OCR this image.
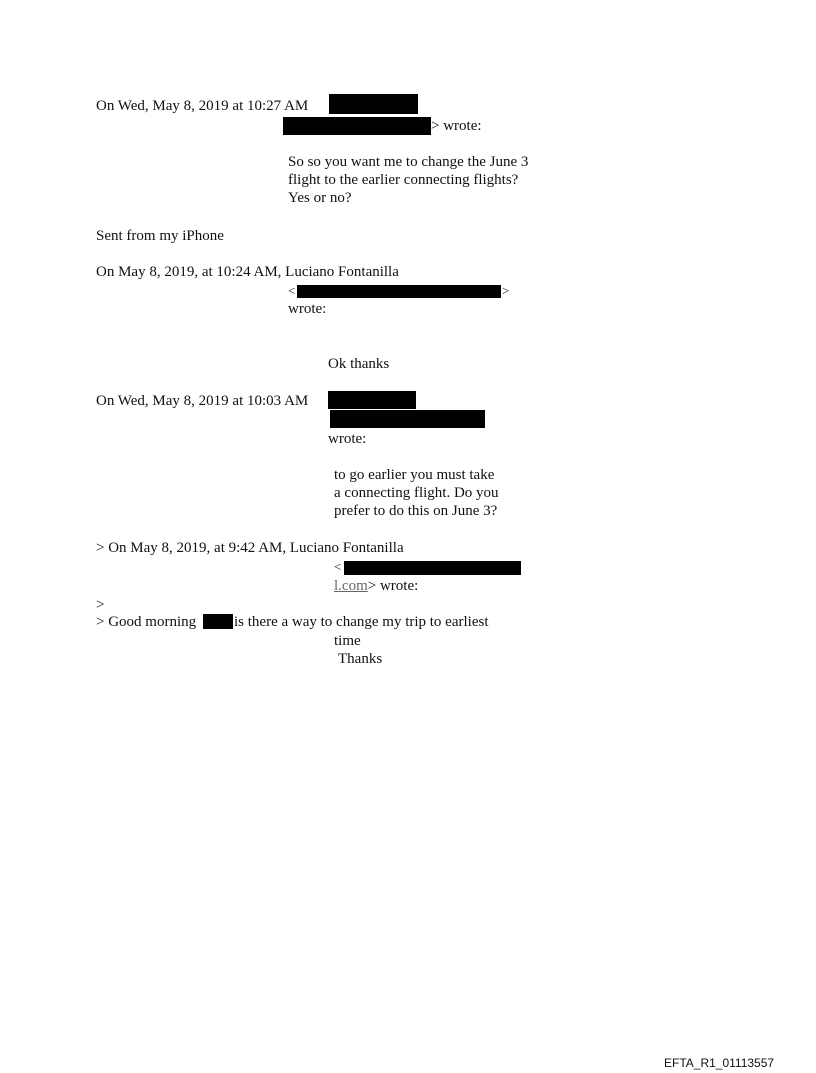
On Wed, May 8, 2019 at 10:27 AM
> wrote:
So so you want me to change the June 3
flight to the earlier connecting flights?
Yes or no?
Sent from my iPhone
On May 8, 2019, at 10:24 AM, Luciano Fontanilla
<	>
wrote:
Ok thanks
On Wed, May 8, 2019 at 10:03 AM
wrote:
to go earlier you must take
a connecting flight. Do you
prefer to do this on June 3?
> On May 8, 2019, at 9:42 AM, Luciano Fontanilla
<
l.com> wrote:
>
> Good morning	is there a way to change my trip to earliest
time
Thanks
EFTA_R1_01113557
